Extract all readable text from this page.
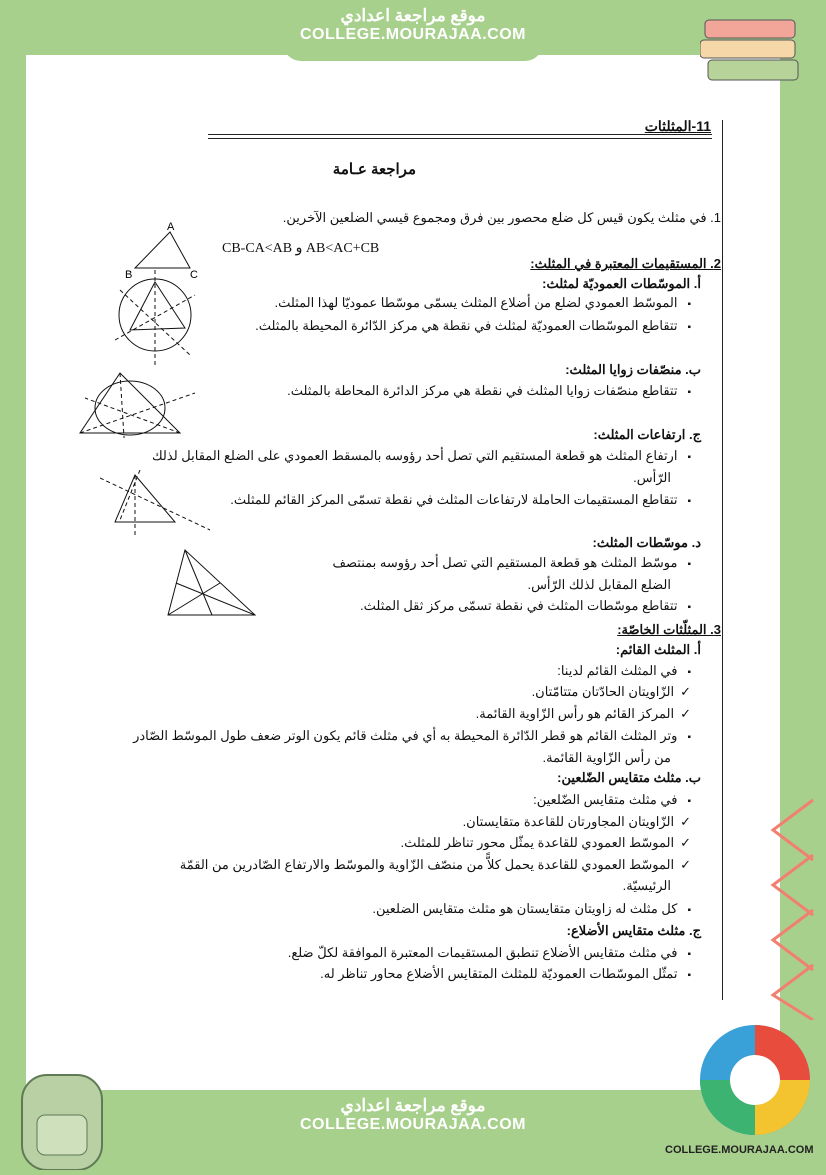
موقع مراجعة اعدادي
COLLEGE.MOURAJAA.COM
موقع مراجعة اعدادي
COLLEGE.MOURAJAA.COM
COLLEGE.MOURAJAA.COM
11-المثلثات
مراجعة عـامة
1. في مثلث يكون قيس كل ضلع محصور بين فرق ومجموع قيسي الضلعين الآخرين.
CB-CA<AB و AB<AC+CB
2. المستقيمات المعتبرة في المثلث:
أ. الموسّطات العموديّة لمثلث:
▪ الموسّط العمودي لضلع من أضلاع المثلث يسمّى موسّطا عموديّا لهذا المثلث.
▪ تتقاطع الموسّطات العموديّة لمثلث في نقطة هي مركز الدّائرة المحيطة بالمثلث.
ب. منصّفات زوايا المثلث:
▪ تتقاطع منصّفات زوايا المثلث في نقطة هي مركز الدائرة المحاطة بالمثلث.
ج. ارتفاعات المثلث:
▪ ارتفاع المثلث هو قطعة المستقيم التي تصل أحد رؤوسه بالمسقط العمودي على الضلع المقابل لذلك
الرّأس.
▪ تتقاطع المستقيمات الحاملة لارتفاعات المثلث في نقطة تسمّى المركز القائم للمثلث.
د. موسّطات المثلث:
▪ موسّط المثلث هو قطعة المستقيم التي تصل أحد رؤوسه بمنتصف
الضلع المقابل لذلك الرّأس.
▪ تتقاطع موسّطات المثلث في نقطة تسمّى مركز ثقل المثلث.
3. المثلّثات الخاصّة:
أ. المثلث القائم:
▪ في المثلث القائم لدينا:
✓ الزّاويتان الحادّتان متتامّتان.
✓ المركز القائم هو رأس الزّاوية القائمة.
▪ وتر المثلث القائم هو قطر الدّائرة المحيطة به أي في مثلث قائم يكون الوتر ضعف طول الموسّط الصّادر
من رأس الزّاوية القائمة.
ب. مثلث متقايس الضّلعين:
▪ في مثلث متقايس الضّلعين:
✓ الزّاويتان المجاورتان للقاعدة متقايستان.
✓ الموسّط العمودي للقاعدة يمثّل محور تناظر للمثلث.
✓ الموسّط العمودي للقاعدة يحمل كلاًّ من منصّف الزّاوية والموسّط والارتفاع الصّادرين من القمّة
الرئيسيّة.
▪ كل مثلث له زاويتان متقايستان هو مثلث متقايس الضلعين.
ج. مثلث متقايس الأضلاع:
▪ في مثلث متقايس الأضلاع تنطبق المستقيمات المعتبرة الموافقة لكلّ ضلع.
▪ تمثّل الموسّطات العموديّة للمثلث المتقايس الأضلاع محاور تناظر له.
A
B	C
